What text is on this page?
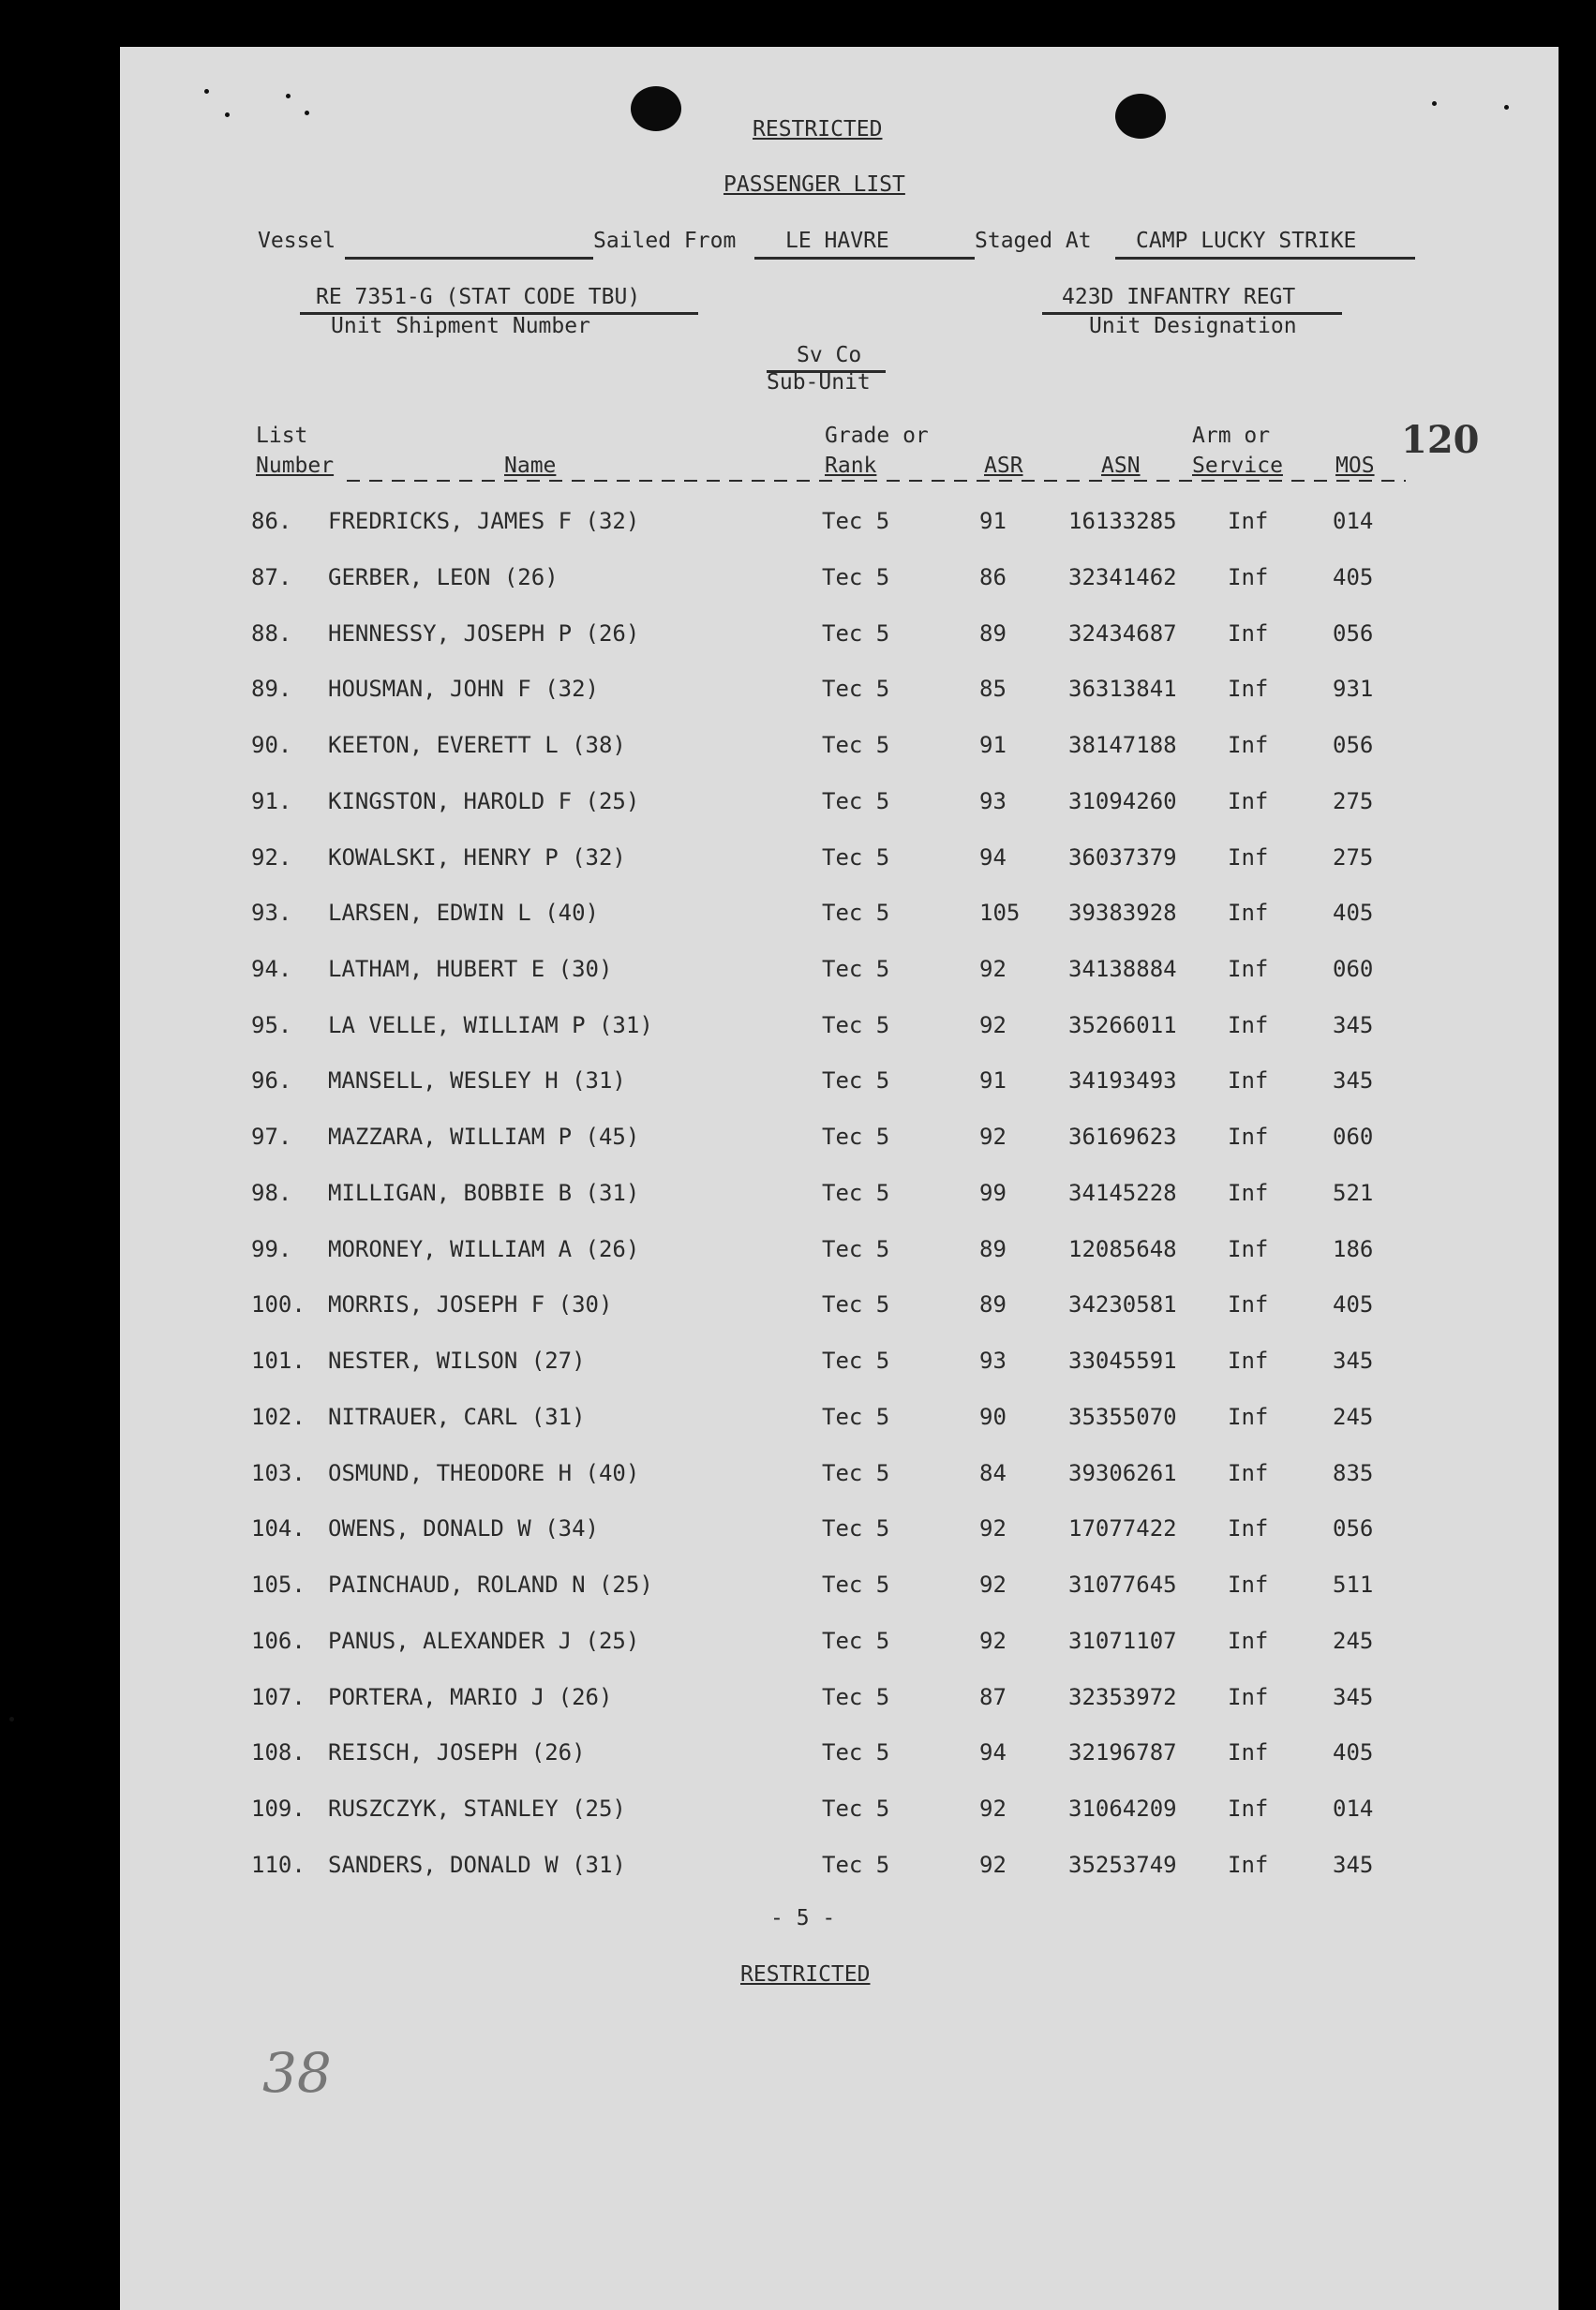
RESTRICTED
PASSENGER LIST
Vessel	Sailed From LE HAVRE	Staged At CAMP LUCKY STRIKE
RE 7351-G (STAT CODE TBU)
Unit Shipment Number
423D INFANTRY REGT
Unit Designation
Sv Co
Sub-Unit
120
List
Number	Name
Grade or
Rank	ASR	ASN
Arm or
Service MOS
86. FREDRICKS, JAMES F (32)	Tec 5	91	16133285 Inf	014
87. GERBER, LEON (26)	Tec 5	86	32341462 Inf	405
88. HENNESSY, JOSEPH P (26)	Tec 5	89	32434687 Inf	056
89. HOUSMAN, JOHN F (32)	Tec 5	85	36313841 Inf	931
90. KEETON, EVERETT L (38)	Tec 5	91	38147188 Inf	056
91. KINGSTON, HAROLD F (25)	Tec 5	93	31094260 Inf	275
92. KOWALSKI, HENRY P (32)	Tec 5	94	36037379 Inf	275
93. LARSEN, EDWIN L (40)	Tec 5	105 39383928 Inf	405
94. LATHAM, HUBERT E (30)	Tec 5	92	34138884 Inf	060
95. LA VELLE, WILLIAM P (31)	Tec 5	92	35266011 Inf	345
96. MANSELL, WESLEY H (31)	Tec 5	91	34193493 Inf	345
97. MAZZARA, WILLIAM P (45)	Tec 5	92	36169623 Inf	060
98. MILLIGAN, BOBBIE B (31)	Tec 5	99	34145228 Inf	521
99. MORONEY, WILLIAM A (26)	Tec 5	89	12085648 Inf	186
100. MORRIS, JOSEPH F (30)	Tec 5	89	34230581 Inf	405
101. NESTER, WILSON (27)	Tec 5	93	33045591 Inf	345
102. NITRAUER, CARL (31)	Tec 5	90	35355070 Inf	245
103. OSMUND, THEODORE H (40)	Tec 5	84	39306261 Inf	835
104. OWENS, DONALD W (34)	Tec 5	92	17077422 Inf	056
105. PAINCHAUD, ROLAND N (25)	Tec 5	92	31077645 Inf	511
106. PANUS, ALEXANDER J (25)	Tec 5	92	31071107 Inf	245
107. PORTERA, MARIO J (26)	Tec 5	87	32353972 Inf	345
108. REISCH, JOSEPH (26)	Tec 5	94	32196787 Inf	405
109. RUSZCZYK, STANLEY (25)	Tec 5	92	31064209 Inf	014
110. SANDERS, DONALD W (31)	Tec 5	92	35253749 Inf	345
- 5 -
RESTRICTED
38
